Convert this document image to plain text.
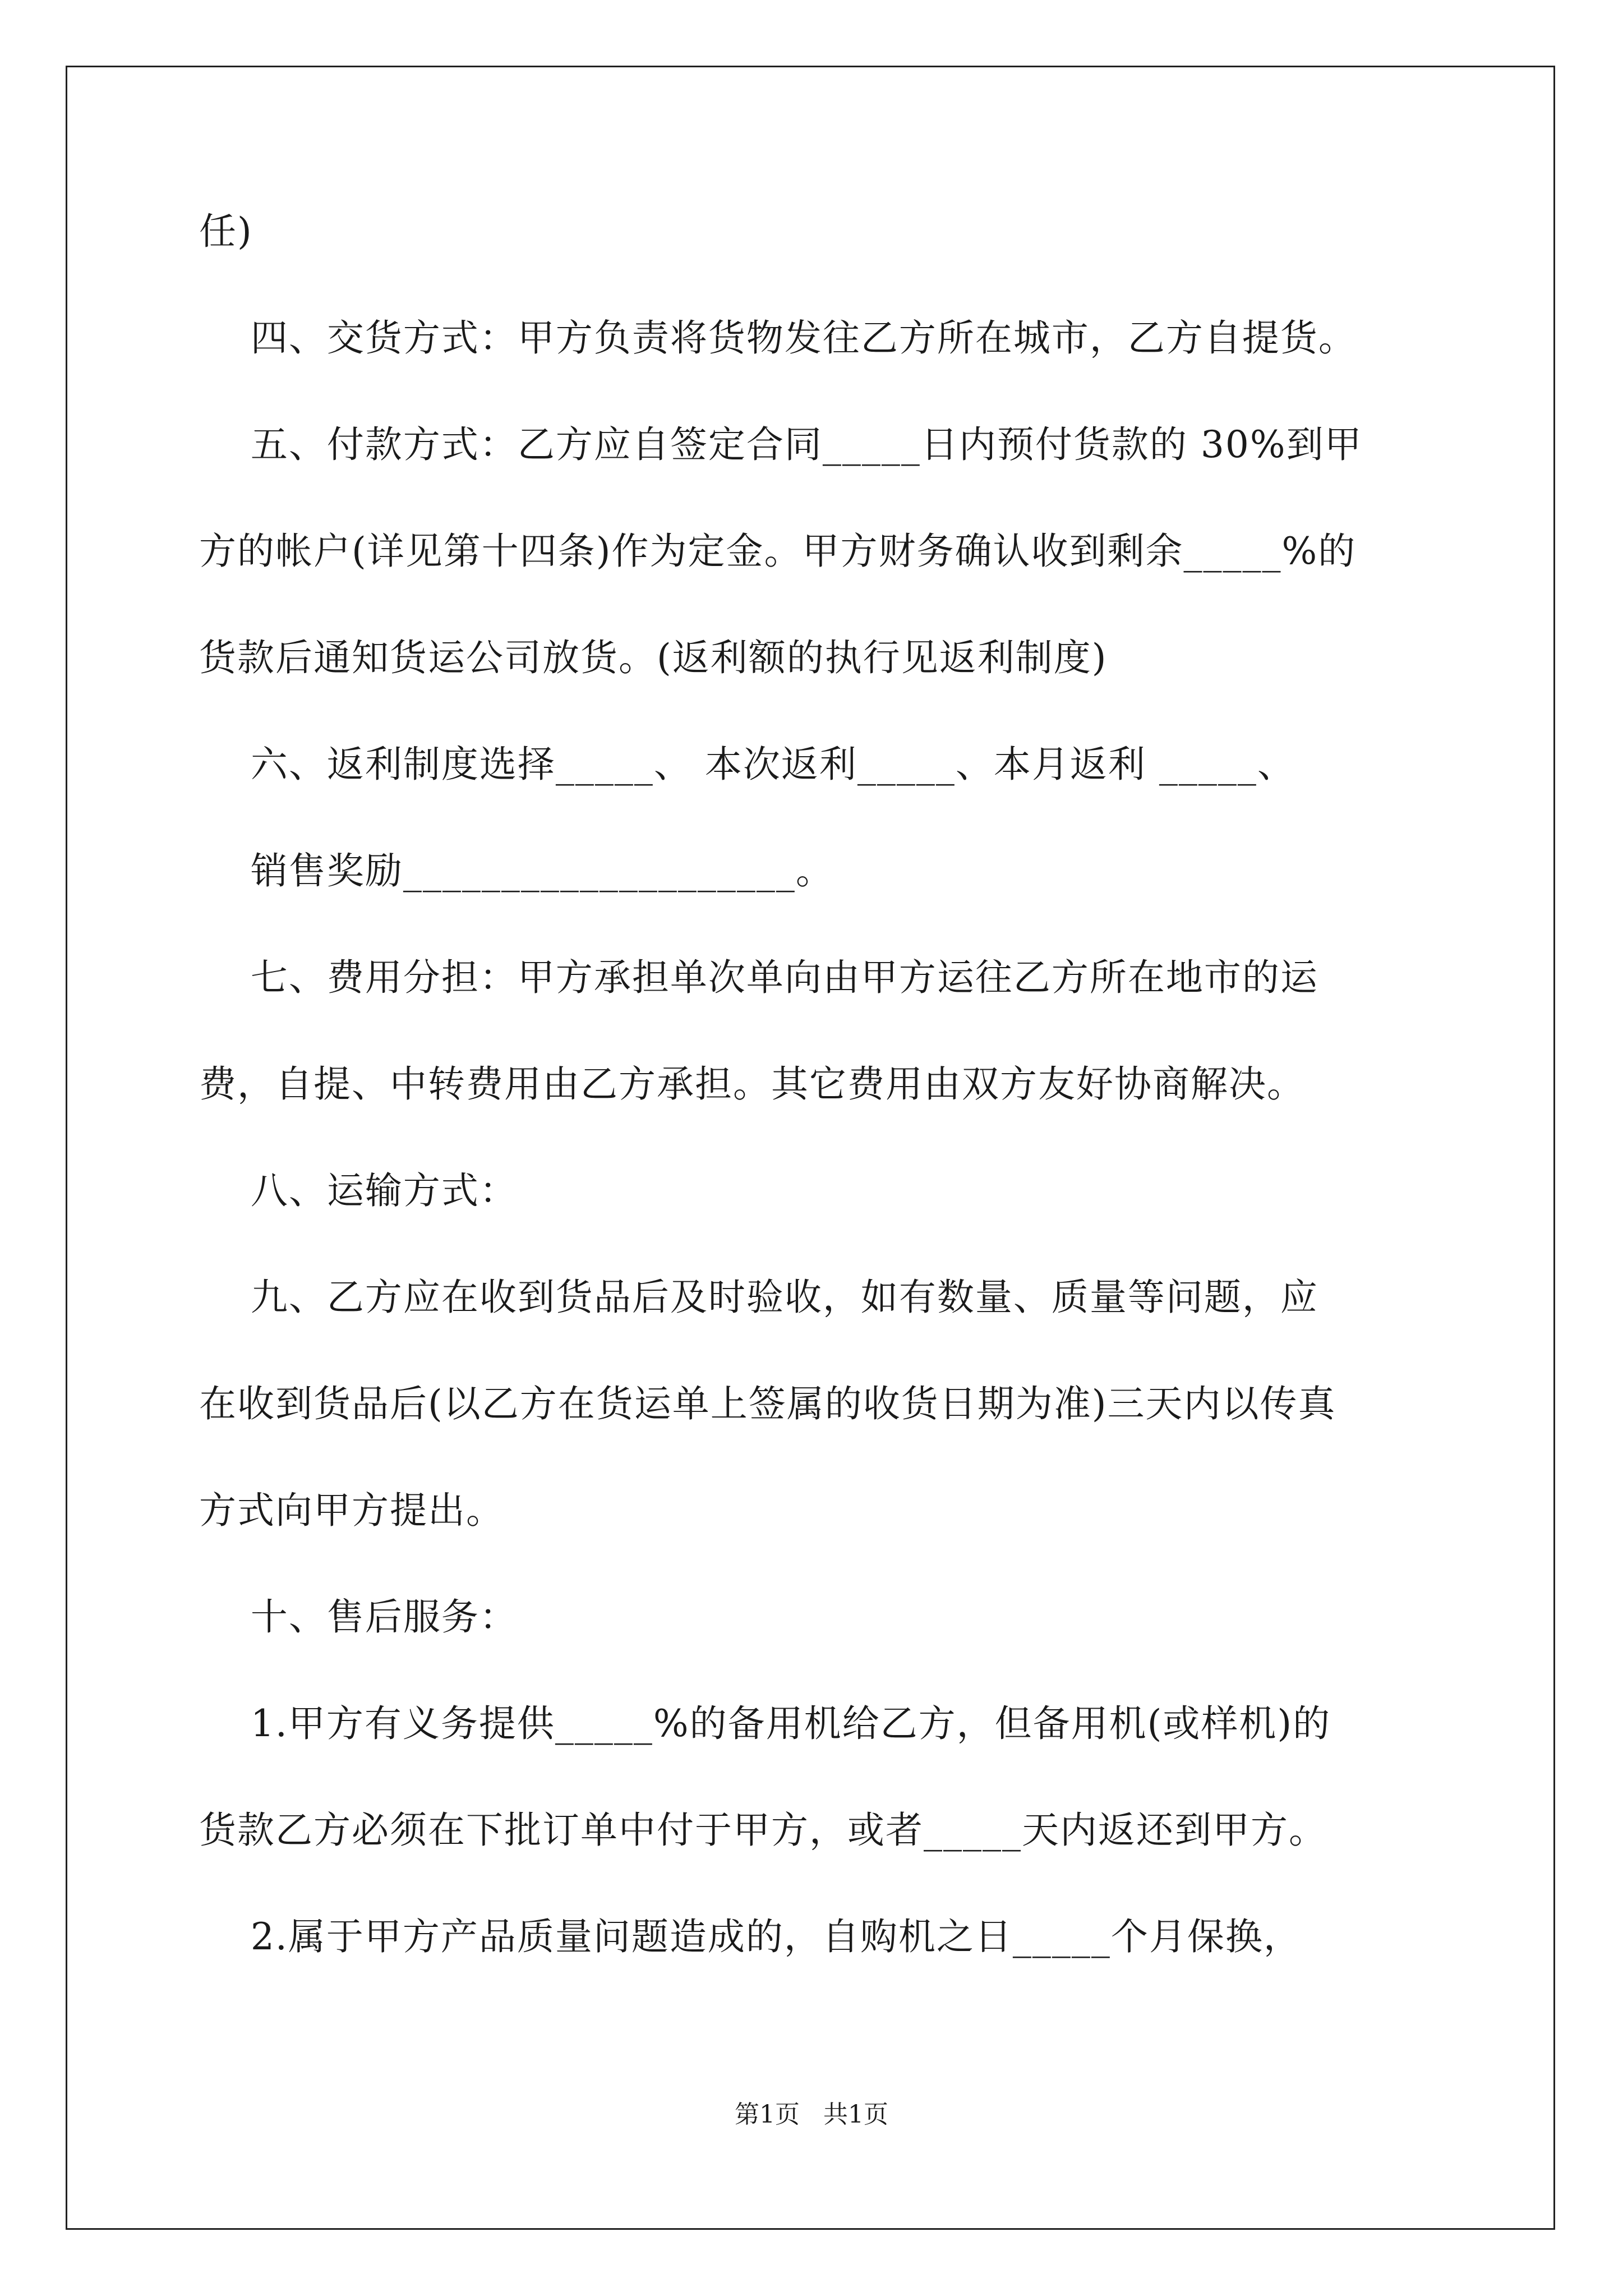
任)
四、交货方式：甲方负责将货物发往乙方所在城市，乙方自提货。
五、付款方式：乙方应自签定合同_____日内预付货款的 30%到甲
方的帐户(详见第十四条)作为定金。甲方财务确认收到剩余_____%的
货款后通知货运公司放货。(返利额的执行见返利制度)
六、返利制度选择_____、 本次返利_____、本月返利 _____、
销售奖励____________________。
七、费用分担：甲方承担单次单向由甲方运往乙方所在地市的运
费，自提、中转费用由乙方承担。其它费用由双方友好协商解决。
八、运输方式：
九、乙方应在收到货品后及时验收，如有数量、质量等问题，应
在收到货品后(以乙方在货运单上签属的收货日期为准)三天内以传真
方式向甲方提出。
十、售后服务：
1.甲方有义务提供_____%的备用机给乙方，但备用机(或样机)的
货款乙方必须在下批订单中付于甲方，或者_____天内返还到甲方。
2.属于甲方产品质量问题造成的，自购机之日_____个月保换，
第1页   共1页
